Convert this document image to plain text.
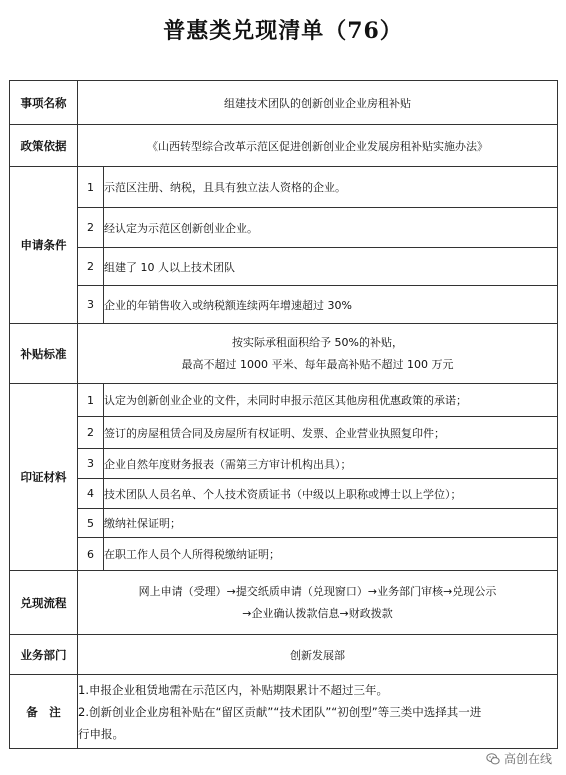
普惠类兑现清单（76）
事项名称	组建技术团队的创新创业企业房租补贴	
政策依据	《山西转型综合改革示范区促进创新创业企业发展房租补贴实施办法》	
申请条件	1	示范区注册、纳税，且具有独立法人资格的企业。
	2	经认定为示范区创新创业企业。
	2	组建了 10 人以上技术团队
	3	企业的年销售收入或纳税额连续两年增速超过 30%
补贴标准	按实际承租面积给予 50%的补贴，
最高不超过 1000 平米、每年最高补贴不超过 100 万元	

印证材料	1	认定为创新创业企业的文件，未同时申报示范区其他房租优惠政策的承诺；
	2	签订的房屋租赁合同及房屋所有权证明、发票、企业营业执照复印件；
	3	企业自然年度财务报表（需第三方审计机构出具）；
	4	技术团队人员名单、个人技术资质证书（中级以上职称或博士以上学位）；
	5	缴纳社保证明；
	6	在职工作人员个人所得税缴纳证明；
兑现流程	网上申请（受理）→提交纸质申请（兑现窗口）→业务部门审核→兑现公示
→企业确认拨款信息→财政拨款	

业务部门	创新发展部	
备　注	1.申报企业租赁地需在示范区内，补贴期限累计不超过三年。
2.创新创业企业房租补贴在“留区贡献”“技术团队”“初创型”等三类中选择其一进
行申报。	
高创在线
